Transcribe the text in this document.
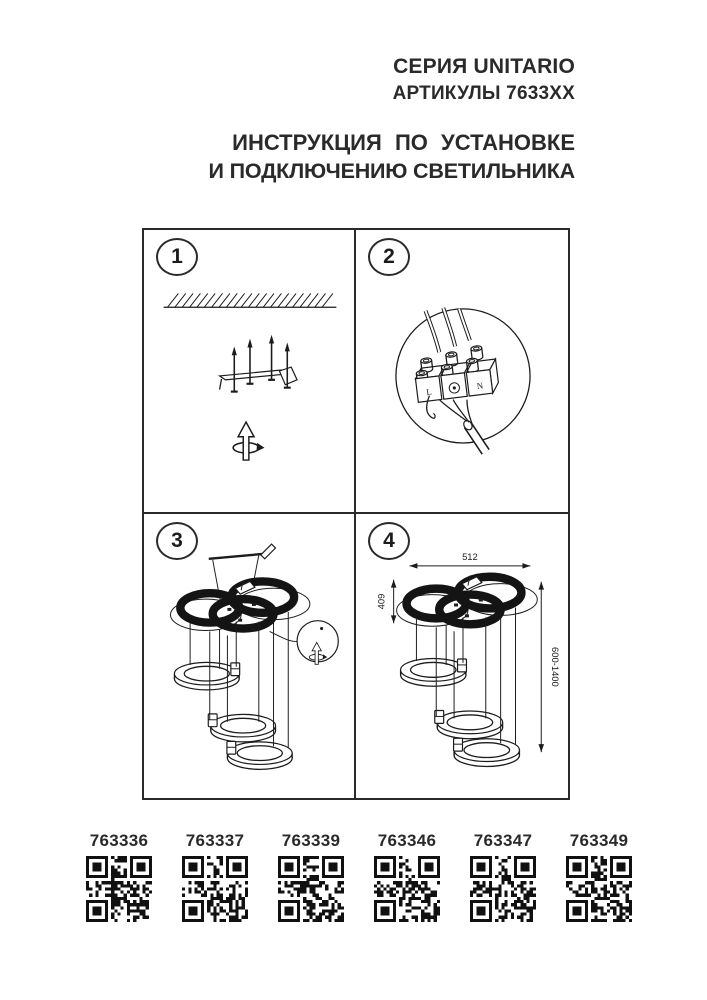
СЕРИЯ UNITARIO
АРТИКУЛЫ 7633XX
ИНСТРУКЦИЯ ПО УСТАНОВКЕ
И ПОДКЛЮЧЕНИЮ СВЕТИЛЬНИКА
1	2
L
N
3	4
512
409
600-1400
763336 763337 763339 763346 763347 763349
